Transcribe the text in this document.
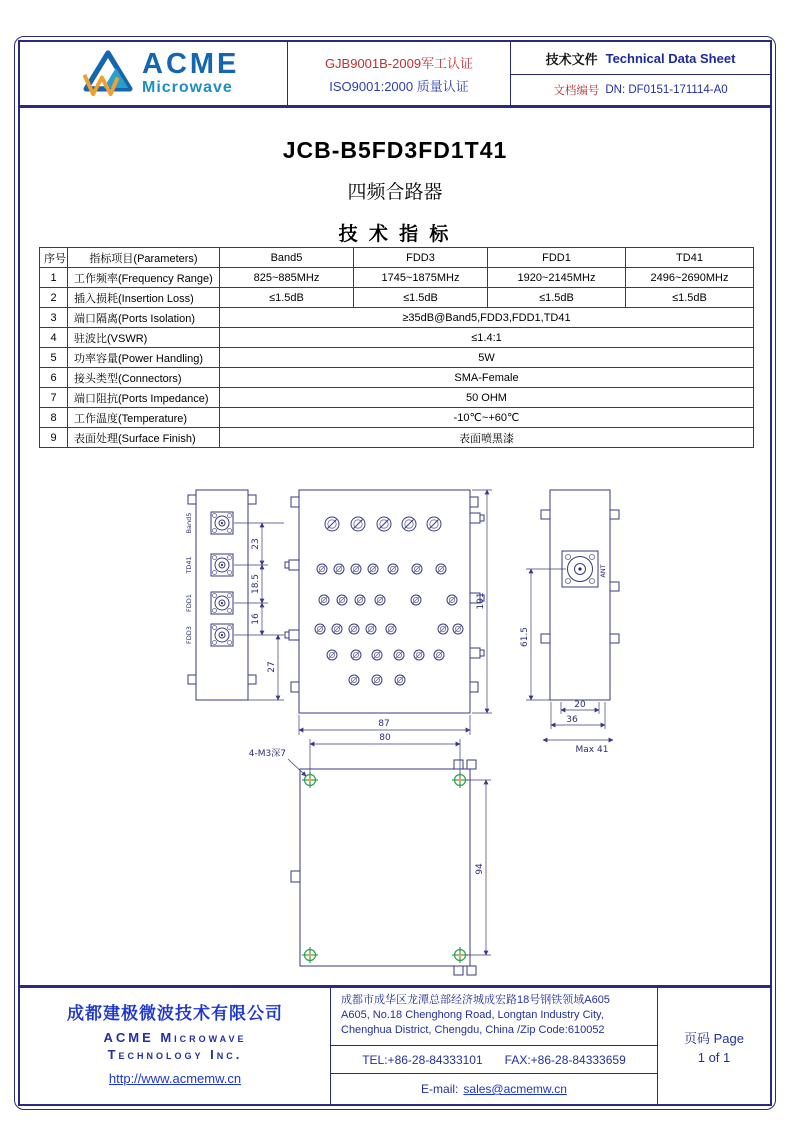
ACME
Microwave
GJB9001B-2009军工认证
ISO9001:2000 质量认证
技术文件 Technical Data Sheet
文档编号 DN: DF0151-171114-A0
JCB-B5FD3FD1T41
四频合路器
技 术 指 标
序号	指标项目(Parameters)	Band5	FDD3	FDD1	TD41
1	工作频率(Frequency Range)	825~885MHz	1745~1875MHz	1920~2145MHz	2496~2690MHz
2	插入损耗(Insertion Loss)	≤1.5dB	≤1.5dB	≤1.5dB	≤1.5dB
3	端口隔离(Ports Isolation)	≥35dB@Band5,FDD3,FDD1,TD41			
4	驻波比(VSWR)	≤1.4:1			
5	功率容量(Power Handling)	5W			
6	接头类型(Connectors)	SMA-Female			
7	端口阻抗(Ports Impedance)	50 OHM			
8	工作温度(Temperature)	-10℃~+60℃			
9	表面处理(Surface Finish)	表面喷黑漆			
Band5
TD41
FDD1
FDD3
23
18.5
16
27
101
87
ANT
61.5
20
36
Max 41
4-M3深7
80
94
成都建极微波技术有限公司
ACME Microwave
Technology Inc.
http://www.acmemw.cn
成都市成华区龙潭总部经济城成宏路18号钢铁领域A605
A605, No.18 Chenghong Road, Longtan Industry City,
Chenghua District, Chengdu, China /Zip Code:610052
TEL:+86-28-84333101 FAX:+86-28-84333659
E-mail: sales@acmemw.cn
页码 Page
1 of 1
